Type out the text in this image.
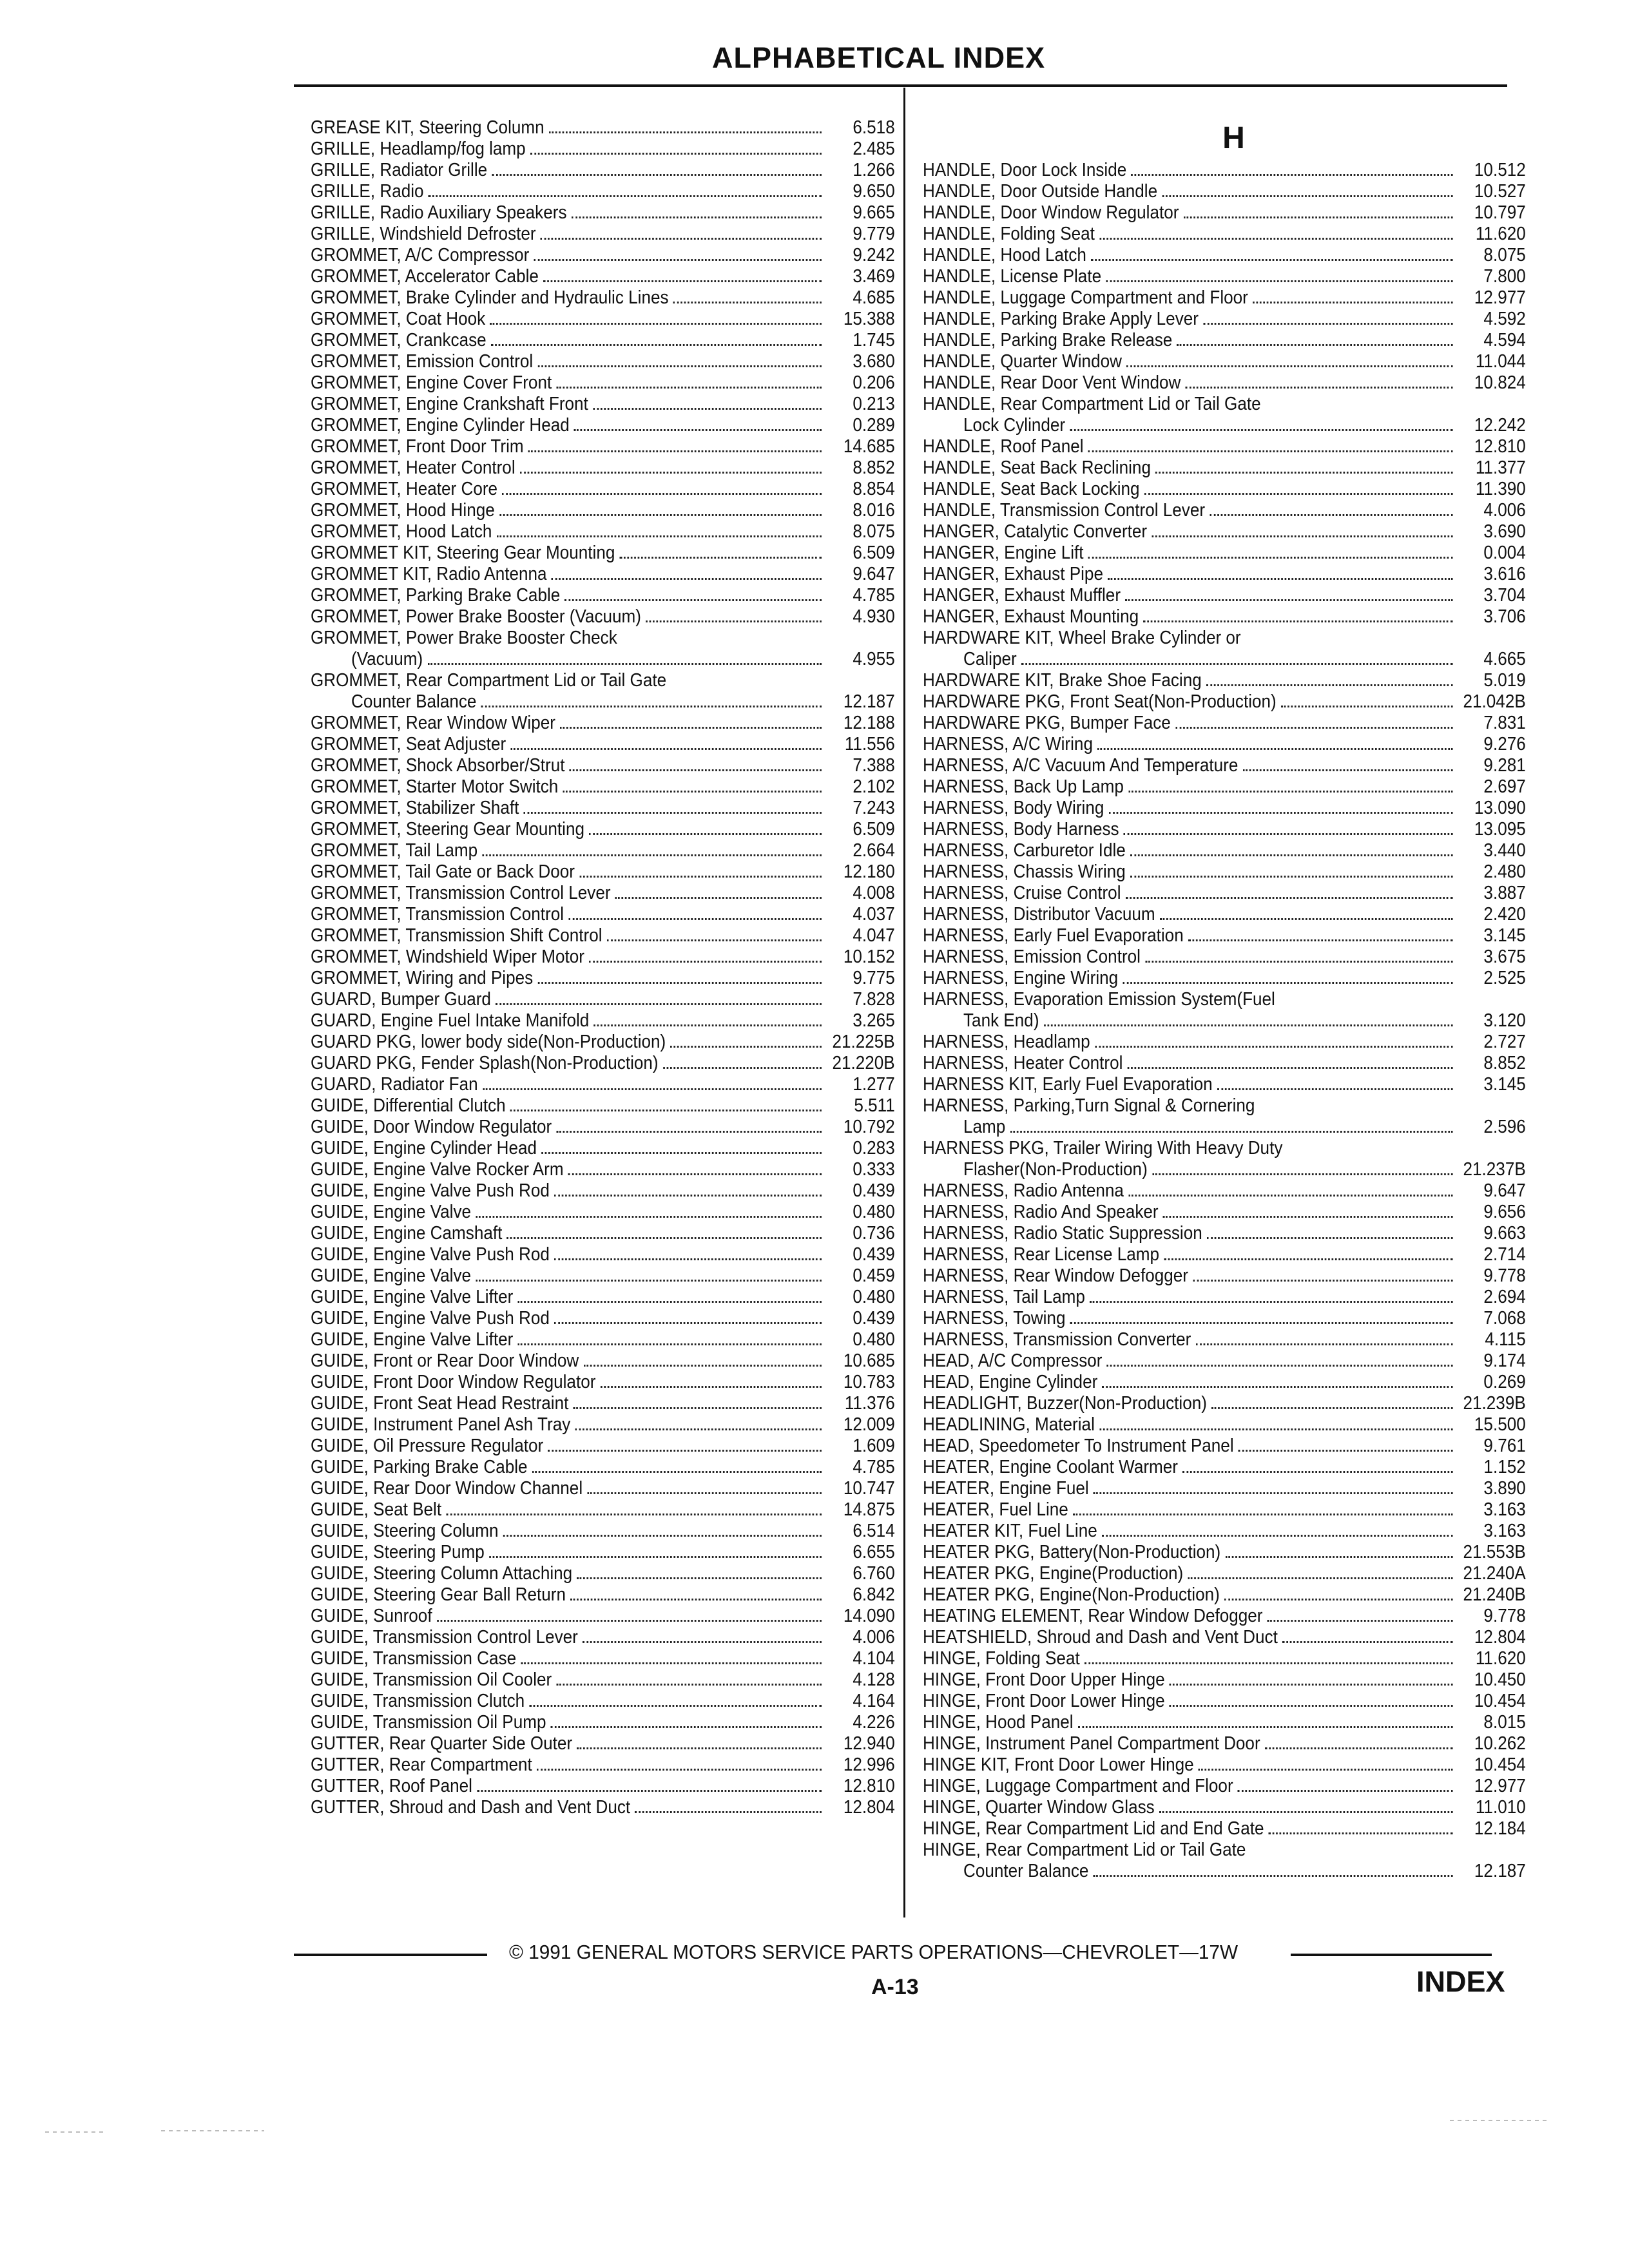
ALPHABETICAL INDEX
GREASE KIT, Steering Column	6.518
GRILLE, Headlamp/fog lamp	2.485
GRILLE, Radiator Grille	1.266
GRILLE, Radio	9.650
GRILLE, Radio Auxiliary Speakers	9.665
GRILLE, Windshield Defroster	9.779
GROMMET, A/C Compressor	9.242
GROMMET, Accelerator Cable	3.469
GROMMET, Brake Cylinder and Hydraulic Lines	4.685
GROMMET, Coat Hook	15.388
GROMMET, Crankcase	1.745
GROMMET, Emission Control	3.680
GROMMET, Engine Cover Front	0.206
GROMMET, Engine Crankshaft Front	0.213
GROMMET, Engine Cylinder Head	0.289
GROMMET, Front Door Trim	14.685
GROMMET, Heater Control	8.852
GROMMET, Heater Core	8.854
GROMMET, Hood Hinge	8.016
GROMMET, Hood Latch	8.075
GROMMET KIT, Steering Gear Mounting	6.509
GROMMET KIT, Radio Antenna	9.647
GROMMET, Parking Brake Cable	4.785
GROMMET, Power Brake Booster (Vacuum)	4.930
GROMMET, Power Brake Booster Check
(Vacuum)	4.955
GROMMET, Rear Compartment Lid or Tail Gate
Counter Balance	12.187
GROMMET, Rear Window Wiper	12.188
GROMMET, Seat Adjuster	11.556
GROMMET, Shock Absorber/Strut	7.388
GROMMET, Starter Motor Switch	2.102
GROMMET, Stabilizer Shaft	7.243
GROMMET, Steering Gear Mounting	6.509
GROMMET, Tail Lamp	2.664
GROMMET, Tail Gate or Back Door	12.180
GROMMET, Transmission Control Lever	4.008
GROMMET, Transmission Control	4.037
GROMMET, Transmission Shift Control	4.047
GROMMET, Windshield Wiper Motor	10.152
GROMMET, Wiring and Pipes	9.775
GUARD, Bumper Guard	7.828
GUARD, Engine Fuel Intake Manifold	3.265
GUARD PKG, lower body side(Non-Production)	21.225B
GUARD PKG, Fender Splash(Non-Production)	21.220B
GUARD, Radiator Fan	1.277
GUIDE, Differential Clutch	5.511
GUIDE, Door Window Regulator	10.792
GUIDE, Engine Cylinder Head	0.283
GUIDE, Engine Valve Rocker Arm	0.333
GUIDE, Engine Valve Push Rod	0.439
GUIDE, Engine Valve	0.480
GUIDE, Engine Camshaft	0.736
GUIDE, Engine Valve Push Rod	0.439
GUIDE, Engine Valve	0.459
GUIDE, Engine Valve Lifter	0.480
GUIDE, Engine Valve Push Rod	0.439
GUIDE, Engine Valve Lifter	0.480
GUIDE, Front or Rear Door Window	10.685
GUIDE, Front Door Window Regulator	10.783
GUIDE, Front Seat Head Restraint	11.376
GUIDE, Instrument Panel Ash Tray	12.009
GUIDE, Oil Pressure Regulator	1.609
GUIDE, Parking Brake Cable	4.785
GUIDE, Rear Door Window Channel	10.747
GUIDE, Seat Belt	14.875
GUIDE, Steering Column	6.514
GUIDE, Steering Pump	6.655
GUIDE, Steering Column Attaching	6.760
GUIDE, Steering Gear Ball Return	6.842
GUIDE, Sunroof	14.090
GUIDE, Transmission Control Lever	4.006
GUIDE, Transmission Case	4.104
GUIDE, Transmission Oil Cooler	4.128
GUIDE, Transmission Clutch	4.164
GUIDE, Transmission Oil Pump	4.226
GUTTER, Rear Quarter Side Outer	12.940
GUTTER, Rear Compartment	12.996
GUTTER, Roof Panel	12.810
GUTTER, Shroud and Dash and Vent Duct	12.804
H
HANDLE, Door Lock Inside	10.512
HANDLE, Door Outside Handle	10.527
HANDLE, Door Window Regulator	10.797
HANDLE, Folding Seat	11.620
HANDLE, Hood Latch	8.075
HANDLE, License Plate	7.800
HANDLE, Luggage Compartment and Floor	12.977
HANDLE, Parking Brake Apply Lever	4.592
HANDLE, Parking Brake Release	4.594
HANDLE, Quarter Window	11.044
HANDLE, Rear Door Vent Window	10.824
HANDLE, Rear Compartment Lid or Tail Gate
Lock Cylinder	12.242
HANDLE, Roof Panel	12.810
HANDLE, Seat Back Reclining	11.377
HANDLE, Seat Back Locking	11.390
HANDLE, Transmission Control Lever	4.006
HANGER, Catalytic Converter	3.690
HANGER, Engine Lift	0.004
HANGER, Exhaust Pipe	3.616
HANGER, Exhaust Muffler	3.704
HANGER, Exhaust Mounting	3.706
HARDWARE KIT, Wheel Brake Cylinder or
Caliper	4.665
HARDWARE KIT, Brake Shoe Facing	5.019
HARDWARE PKG, Front Seat(Non-Production)	21.042B
HARDWARE PKG, Bumper Face	7.831
HARNESS, A/C Wiring	9.276
HARNESS, A/C Vacuum And Temperature	9.281
HARNESS, Back Up Lamp	2.697
HARNESS, Body Wiring	13.090
HARNESS, Body Harness	13.095
HARNESS, Carburetor Idle	3.440
HARNESS, Chassis Wiring	2.480
HARNESS, Cruise Control	3.887
HARNESS, Distributor Vacuum	2.420
HARNESS, Early Fuel Evaporation	3.145
HARNESS, Emission Control	3.675
HARNESS, Engine Wiring	2.525
HARNESS, Evaporation Emission System(Fuel
Tank End)	3.120
HARNESS, Headlamp	2.727
HARNESS, Heater Control	8.852
HARNESS KIT, Early Fuel Evaporation	3.145
HARNESS, Parking,Turn Signal & Cornering
Lamp	2.596
HARNESS PKG, Trailer Wiring With Heavy Duty
Flasher(Non-Production)	21.237B
HARNESS, Radio Antenna	9.647
HARNESS, Radio And Speaker	9.656
HARNESS, Radio Static Suppression	9.663
HARNESS, Rear License Lamp	2.714
HARNESS, Rear Window Defogger	9.778
HARNESS, Tail Lamp	2.694
HARNESS, Towing	7.068
HARNESS, Transmission Converter	4.115
HEAD, A/C Compressor	9.174
HEAD, Engine Cylinder	0.269
HEADLIGHT, Buzzer(Non-Production)	21.239B
HEADLINING, Material	15.500
HEAD, Speedometer To Instrument Panel	9.761
HEATER, Engine Coolant Warmer	1.152
HEATER, Engine Fuel	3.890
HEATER, Fuel Line	3.163
HEATER KIT, Fuel Line	3.163
HEATER PKG, Battery(Non-Production)	21.553B
HEATER PKG, Engine(Production)	21.240A
HEATER PKG, Engine(Non-Production)	21.240B
HEATING ELEMENT, Rear Window Defogger	9.778
HEATSHIELD, Shroud and Dash and Vent Duct	12.804
HINGE, Folding Seat	11.620
HINGE, Front Door Upper Hinge	10.450
HINGE, Front Door Lower Hinge	10.454
HINGE, Hood Panel	8.015
HINGE, Instrument Panel Compartment Door	10.262
HINGE KIT, Front Door Lower Hinge	10.454
HINGE, Luggage Compartment and Floor	12.977
HINGE, Quarter Window Glass	11.010
HINGE, Rear Compartment Lid and End Gate	12.184
HINGE, Rear Compartment Lid or Tail Gate
Counter Balance	12.187
© 1991 GENERAL MOTORS SERVICE PARTS OPERATIONS—CHEVROLET—17W
A-13	INDEX
